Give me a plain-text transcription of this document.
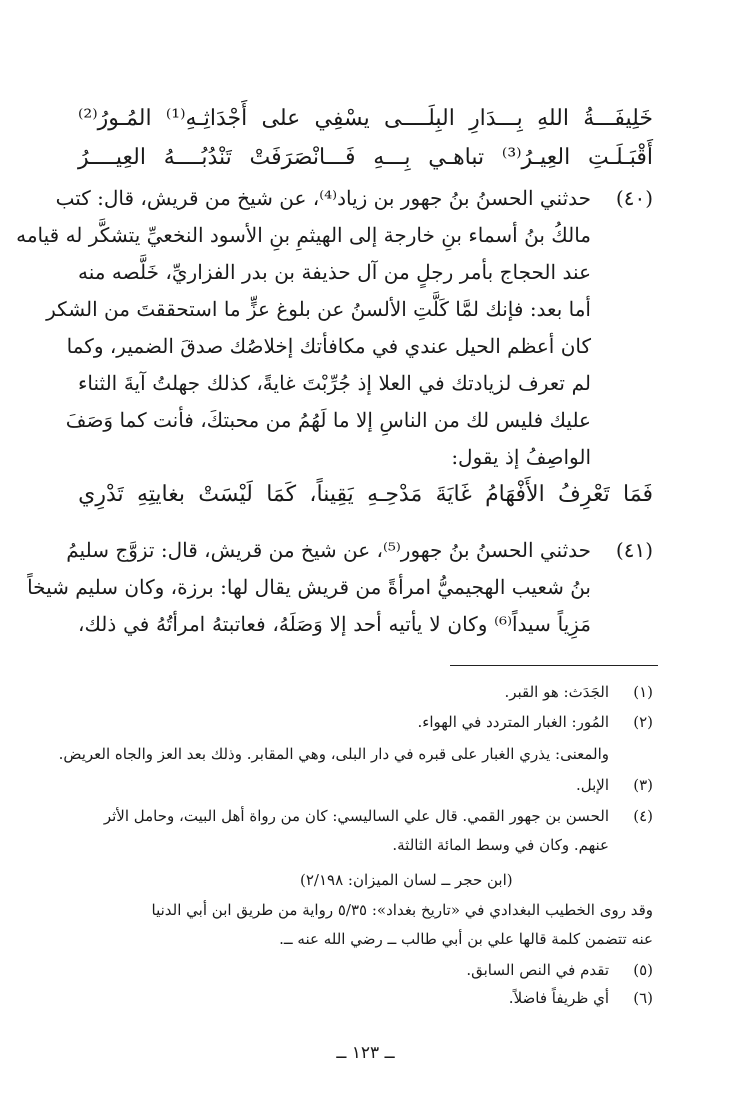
خَلِيفَـــةُ
اللهِ
بِـــدَارِ
البِلَــــى
يسْفِي
على
أَجْدَاثِـهِ⁽¹⁾
المُـورُ⁽²⁾
أَقْبَـلَـتِ
العِيـرُ⁽³⁾
تباهـي
بِـــهِ
فَـــانْصَرَفَتْ
تَنْدُبُــــهُ
العِيــــرُ
(٤٠)
حدثني الحسنُ بنُ جهور بن زياد⁽⁴⁾، عن شيخ من قريش، قال: كتب
مالكُ بنُ أسماء بنِ خارجة إلى الهيثمِ بنِ الأسود النخعيِّ يتشكَّر له قيامه
عند الحجاج بأمر رجلٍ من آل حذيفة بن بدر الفزاريِّ، خَلَّصه منه
أما بعد: فإنك لمَّا كَلَّتِ الألسنُ عن بلوغ عزٍّ ما استحققتَ من الشكر
كان أعظم الحيل عندي في مكافأتك إخلاصُك صدقَ الضمير، وكما
لم تعرف لزيادتك في العلا إذ جُرِّبْتَ غايةً، كذلك جهلتُ آيةَ الثناء
عليك فليس لك من الناسِ إلا ما لَهُمُ من محبتكَ، فأنت كما وَصَفَ
الواصِفُ إذ يقول:
فَمَا
تَعْرِفُ
الأَفْهَامُ
غَايَةَ
مَدْحِـهِ
يَقِيناً،
كَمَا
لَيْسَتْ
بغايتِهِ
تَدْرِي
(٤١)
حدثني الحسنُ بنُ جهور⁽⁵⁾، عن شيخ من قريش، قال: تزوَّج سليمُ
بنُ شعيب الهجيميُّ امرأةً من قريش يقال لها: برزة، وكان سليم شيخاً
مَزِياً سيداً⁽⁶⁾ وكان لا يأتيه أحد إلا وَصَلَهُ، فعاتبتهُ امرأتُهُ في ذلك،
(١)
الجَدَث: هو القبر.
(٢)
المُور: الغبار المتردد في الهواء.
والمعنى: يذري الغبار على قبره في دار البلى، وهي المقابر. وذلك بعد العز والجاه العريض.
(٣)
الإبل.
(٤)
الحسن بن جهور القمي. قال علي الساليسي: كان من رواة أهل البيت، وحامل الأثر
عنهم. وكان في وسط المائة الثالثة.
(ابن حجر ــ لسان الميزان: ٢/١٩٨)
وقد روى الخطيب البغدادي في «تاريخ بغداد»: ٥/٣٥ رواية من طريق ابن أبي الدنيا
عنه تتضمن كلمة قالها علي بن أبي طالب ــ رضي الله عنه ــ.
(٥)
تقدم في النص السابق.
(٦)
أي ظريفاً فاضلاً.
ــ ١٢٣ ــ
